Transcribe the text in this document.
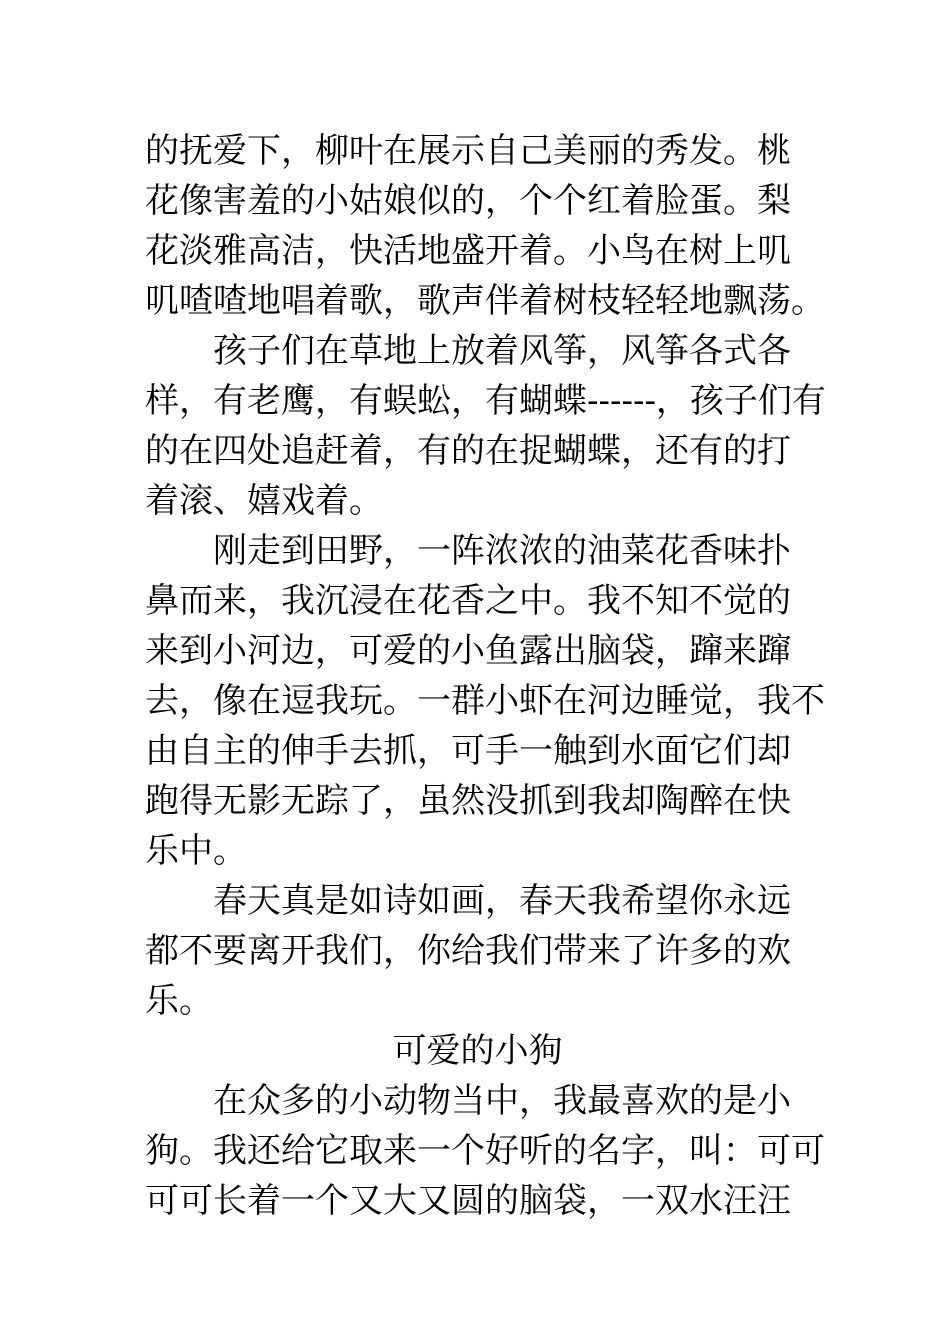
的抚爱下，柳叶在展示自己美丽的秀发。桃
花像害羞的小姑娘似的，个个红着脸蛋。梨
花淡雅高洁，快活地盛开着。小鸟在树上叽
叽喳喳地唱着歌，歌声伴着树枝轻轻地飘荡。
孩子们在草地上放着风筝，风筝各式各
样，有老鹰，有蜈蚣，有蝴蝶------，孩子们有
的在四处追赶着，有的在捉蝴蝶，还有的打
着滚、嬉戏着。
刚走到田野，一阵浓浓的油菜花香味扑
鼻而来，我沉浸在花香之中。我不知不觉的
来到小河边，可爱的小鱼露出脑袋，蹿来蹿
去，像在逗我玩。一群小虾在河边睡觉，我不
由自主的伸手去抓，可手一触到水面它们却
跑得无影无踪了，虽然没抓到我却陶醉在快
乐中。
春天真是如诗如画，春天我希望你永远
都不要离开我们，你给我们带来了许多的欢
乐。
可爱的小狗
在众多的小动物当中，我最喜欢的是小
狗。我还给它取来一个好听的名字，叫：可可
可可长着一个又大又圆的脑袋，一双水汪汪
